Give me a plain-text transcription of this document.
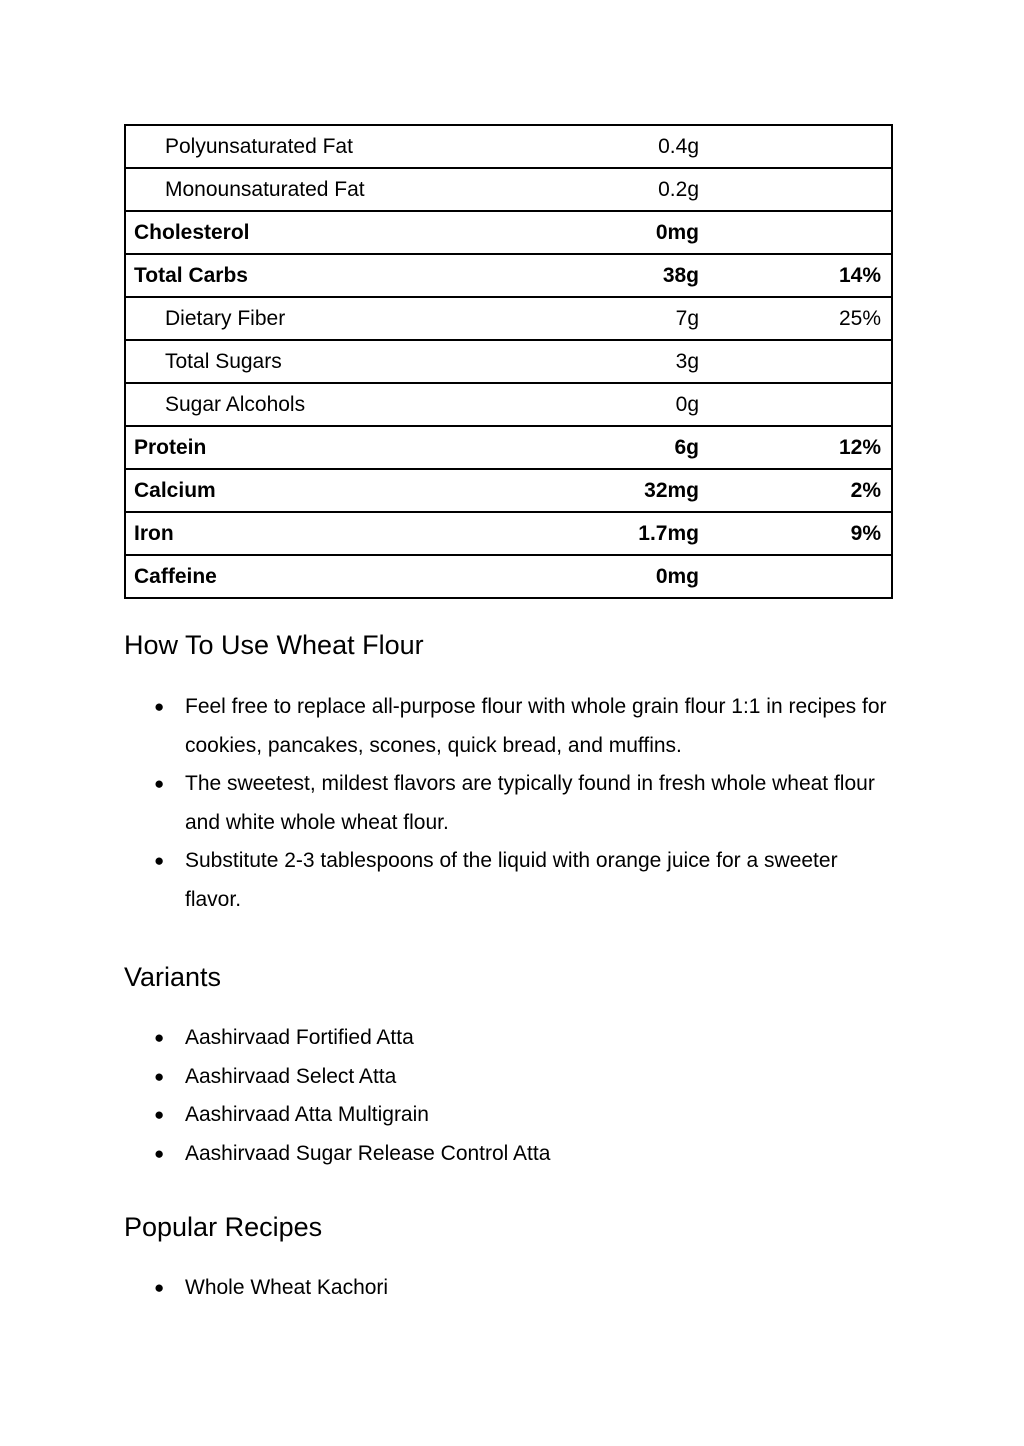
Polyunsaturated Fat	0.4g	
Monounsaturated Fat	0.2g	
Cholesterol	0mg	
Total Carbs	38g	14%
Dietary Fiber	7g	25%
Total Sugars	3g	
Sugar Alcohols	0g	
Protein	6g	12%
Calcium	32mg	2%
Iron	1.7mg	9%
Caffeine	0mg	
How To Use Wheat Flour
● Feel free to replace all-purpose flour with whole grain flour 1:1 in recipes for cookies, pancakes, scones, quick bread, and muffins.
● The sweetest, mildest flavors are typically found in fresh whole wheat flour and white whole wheat flour.
● Substitute 2-3 tablespoons of the liquid with orange juice for a sweeter flavor.
Variants
● Aashirvaad Fortified Atta
● Aashirvaad Select Atta
● Aashirvaad Atta Multigrain
● Aashirvaad Sugar Release Control Atta
Popular Recipes
● Whole Wheat Kachori
